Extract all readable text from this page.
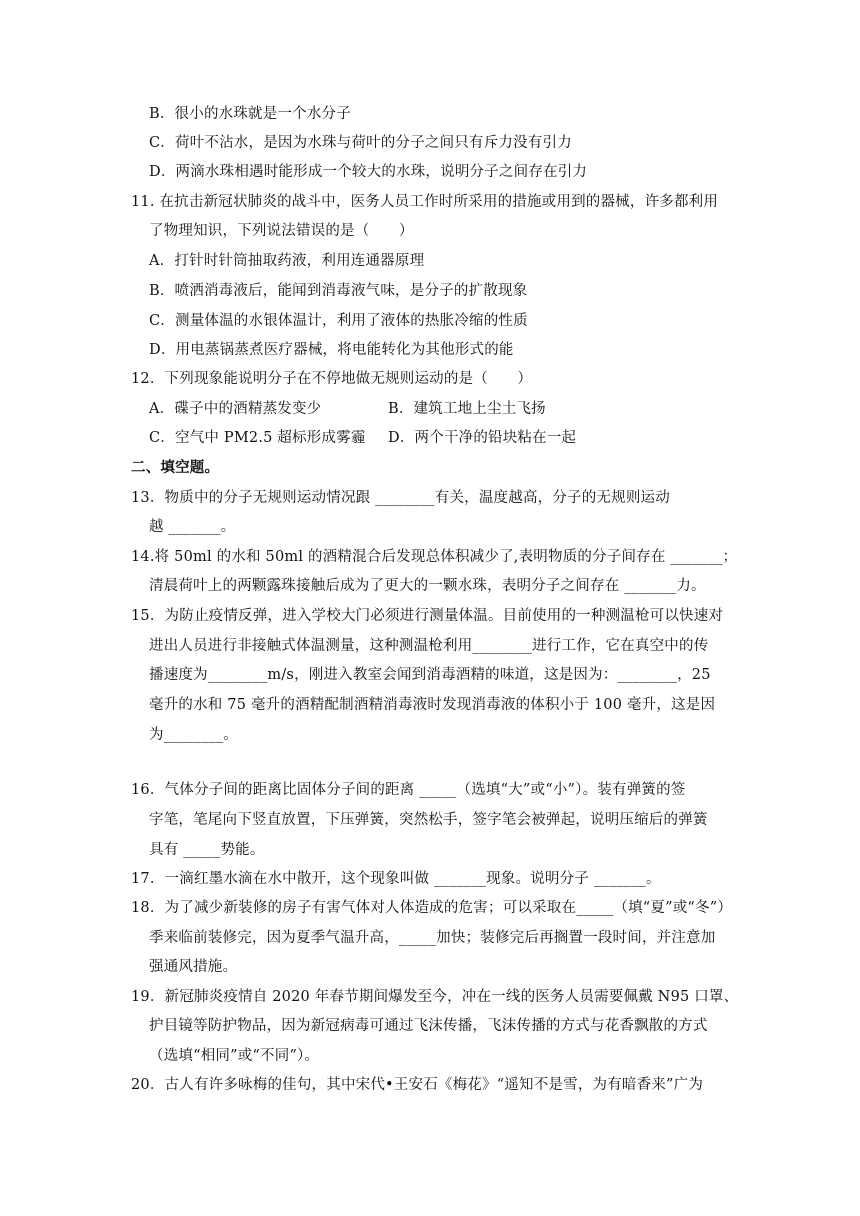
B．很小的水珠就是一个水分子
C．荷叶不沾水，是因为水珠与荷叶的分子之间只有斥力没有引力
D．两滴水珠相遇时能形成一个较大的水珠，说明分子之间存在引力
11. 在抗击新冠状肺炎的战斗中，医务人员工作时所采用的措施或用到的器械，许多都利用
了物理知识，下列说法错误的是（　　）
A．打针时针筒抽取药液，利用连通器原理
B．喷洒消毒液后，能闻到消毒液气味，是分子的扩散现象
C．测量体温的水银体温计，利用了液体的热胀冷缩的性质
D．用电蒸锅蒸煮医疗器械，将电能转化为其他形式的能
12．下列现象能说明分子在不停地做无规则运动的是（　　）
A．碟子中的酒精蒸发变少	B．建筑工地上尘土飞扬
C．空气中 PM2.5 超标形成雾霾 D．两个干净的铅块粘在一起
二、填空题。
13．物质中的分子无规则运动情况跟 ________有关，温度越高，分子的无规则运动
越 _______。
14.将 50ml 的水和 50ml 的酒精混合后发现总体积减少了,表明物质的分子间存在 _______；
清晨荷叶上的两颗露珠接触后成为了更大的一颗水珠，表明分子之间存在 _______力。
15．为防止疫情反弹，进入学校大门必须进行测量体温。目前使用的一种测温枪可以快速对
进出人员进行非接触式体温测量，这种测温枪利用________进行工作，它在真空中的传
播速度为________m/s，刚进入教室会闻到消毒酒精的味道，这是因为：________，25
毫升的水和 75 毫升的酒精配制酒精消毒液时发现消毒液的体积小于 100 毫升，这是因
为________。
16．气体分子间的距离比固体分子间的距离 _____（选填“大”或“小”）。装有弹簧的签
字笔，笔尾向下竖直放置，下压弹簧，突然松手，签字笔会被弹起，说明压缩后的弹簧
具有 _____势能。
17．一滴红墨水滴在水中散开，这个现象叫做 _______现象。说明分子 _______。
18．为了减少新装修的房子有害气体对人体造成的危害；可以采取在_____（填“夏”或“冬”）
季来临前装修完，因为夏季气温升高，_____加快；装修完后再搁置一段时间，并注意加
强通风措施。
19．新冠肺炎疫情自 2020 年春节期间爆发至今，冲在一线的医务人员需要佩戴 N95 口罩、
护目镜等防护物品，因为新冠病毒可通过飞沫传播，飞沫传播的方式与花香飘散的方式
（选填“相同”或“不同”）。
20．古人有许多咏梅的佳句，其中宋代•王安石《梅花》“遥知不是雪，为有暗香来”广为
